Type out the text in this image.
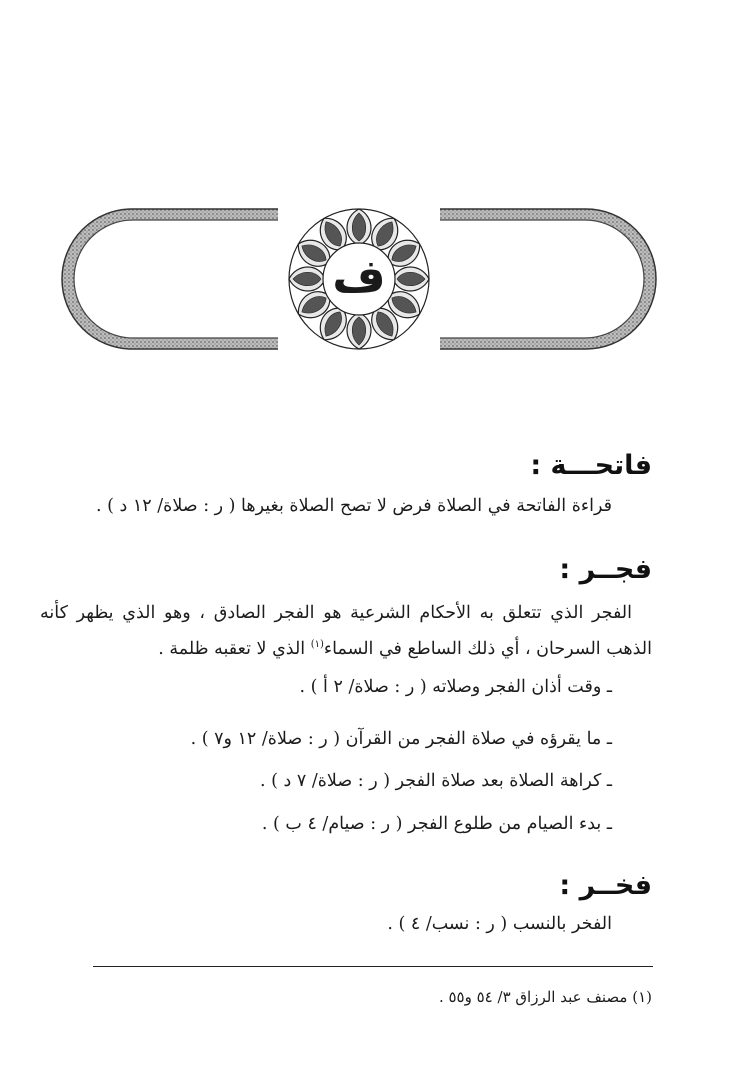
ف
فاتحـــة :
قراءة الفاتحة في الصلاة فرض لا تصح الصلاة بغيرها ( ر : صلاة/ ١٢ د ) .
فجــر :
الفجر الذي تتعلق به الأحكام الشرعية هو الفجر الصادق ، وهو الذي يظهر كأنه الذهب السرحان ، أي ذلك الساطع في السماء$^{(١)}$ الذي لا تعقبه ظلمة .
ـ وقت أذان الفجر وصلاته ( ر : صلاة/ ٢ أ ) .
ـ ما يقرؤه في صلاة الفجر من القرآن ( ر : صلاة/ ١٢ و٧ ) .
ـ كراهة الصلاة بعد صلاة الفجر ( ر : صلاة/ ٧ د ) .
ـ بدء الصيام من طلوع الفجر ( ر : صيام/ ٤ ب ) .
فخــر :
الفخر بالنسب ( ر : نسب/ ٤ ) .
(١) مصنف عبد الرزاق ٣/ ٥٤ و٥٥ .
